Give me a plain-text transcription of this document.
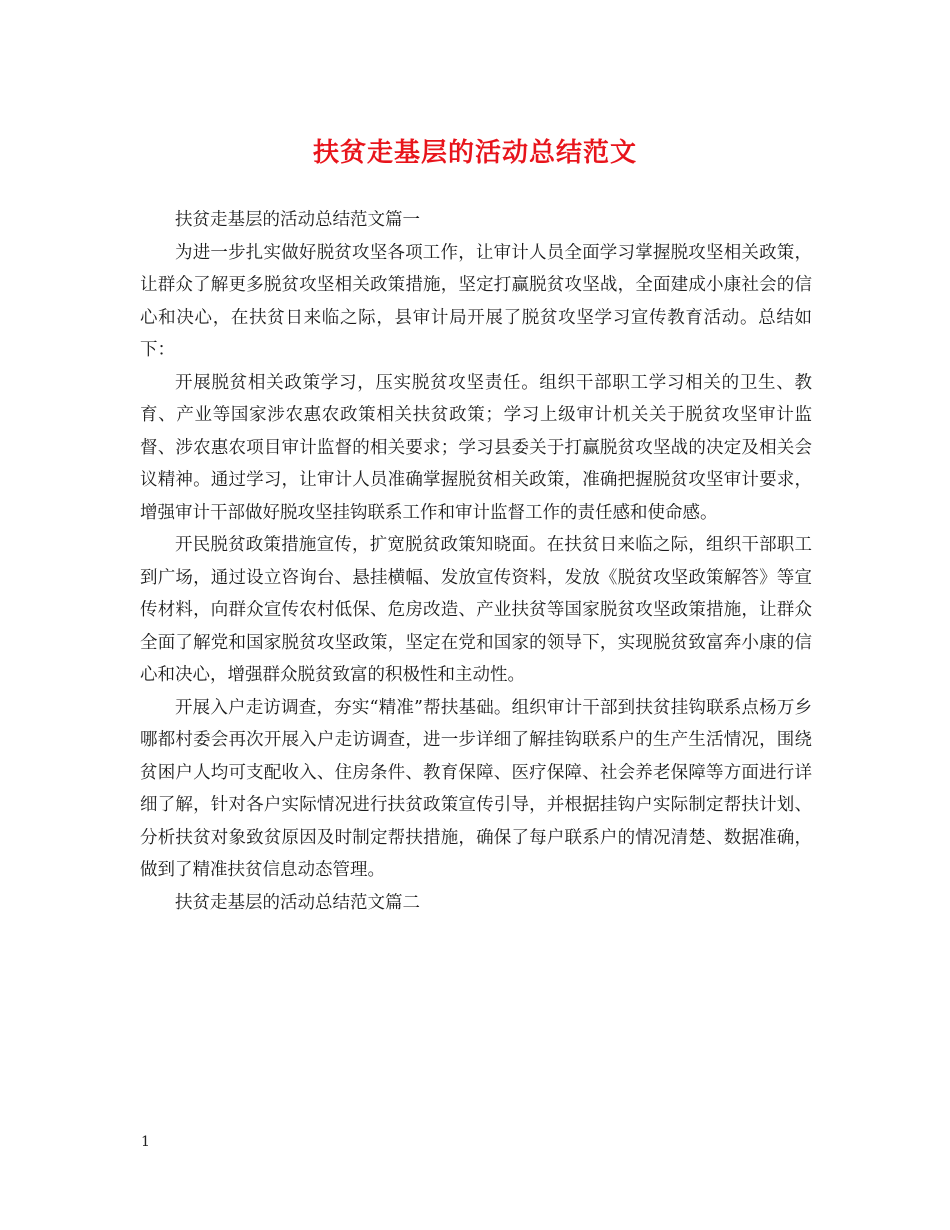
扶贫走基层的活动总结范文

扶贫走基层的活动总结范文篇一

为进一步扎实做好脱贫攻坚各项工作，让审计人员全面学习掌握脱攻坚相关政策，让群众了解更多脱贫攻坚相关政策措施，坚定打赢脱贫攻坚战，全面建成小康社会的信心和决心，在扶贫日来临之际，县审计局开展了脱贫攻坚学习宣传教育活动。总结如下：

开展脱贫相关政策学习，压实脱贫攻坚责任。组织干部职工学习相关的卫生、教育、产业等国家涉农惠农政策相关扶贫政策；学习上级审计机关关于脱贫攻坚审计监督、涉农惠农项目审计监督的相关要求；学习县委关于打赢脱贫攻坚战的决定及相关会议精神。通过学习，让审计人员准确掌握脱贫相关政策，准确把握脱贫攻坚审计要求，增强审计干部做好脱攻坚挂钩联系工作和审计监督工作的责任感和使命感。

开民脱贫政策措施宣传，扩宽脱贫政策知晓面。在扶贫日来临之际，组织干部职工到广场，通过设立咨询台、悬挂横幅、发放宣传资料，发放《脱贫攻坚政策解答》等宣传材料，向群众宣传农村低保、危房改造、产业扶贫等国家脱贫攻坚政策措施，让群众全面了解党和国家脱贫攻坚政策，坚定在党和国家的领导下，实现脱贫致富奔小康的信心和决心，增强群众脱贫致富的积极性和主动性。

开展入户走访调查，夯实“精准”帮扶基础。组织审计干部到扶贫挂钩联系点杨万乡哪都村委会再次开展入户走访调查，进一步详细了解挂钩联系户的生产生活情况，围绕贫困户人均可支配收入、住房条件、教育保障、医疗保障、社会养老保障等方面进行详细了解，针对各户实际情况进行扶贫政策宣传引导，并根据挂钩户实际制定帮扶计划、分析扶贫对象致贫原因及时制定帮扶措施，确保了每户联系户的情况清楚、数据准确，做到了精准扶贫信息动态管理。

扶贫走基层的活动总结范文篇二

1
